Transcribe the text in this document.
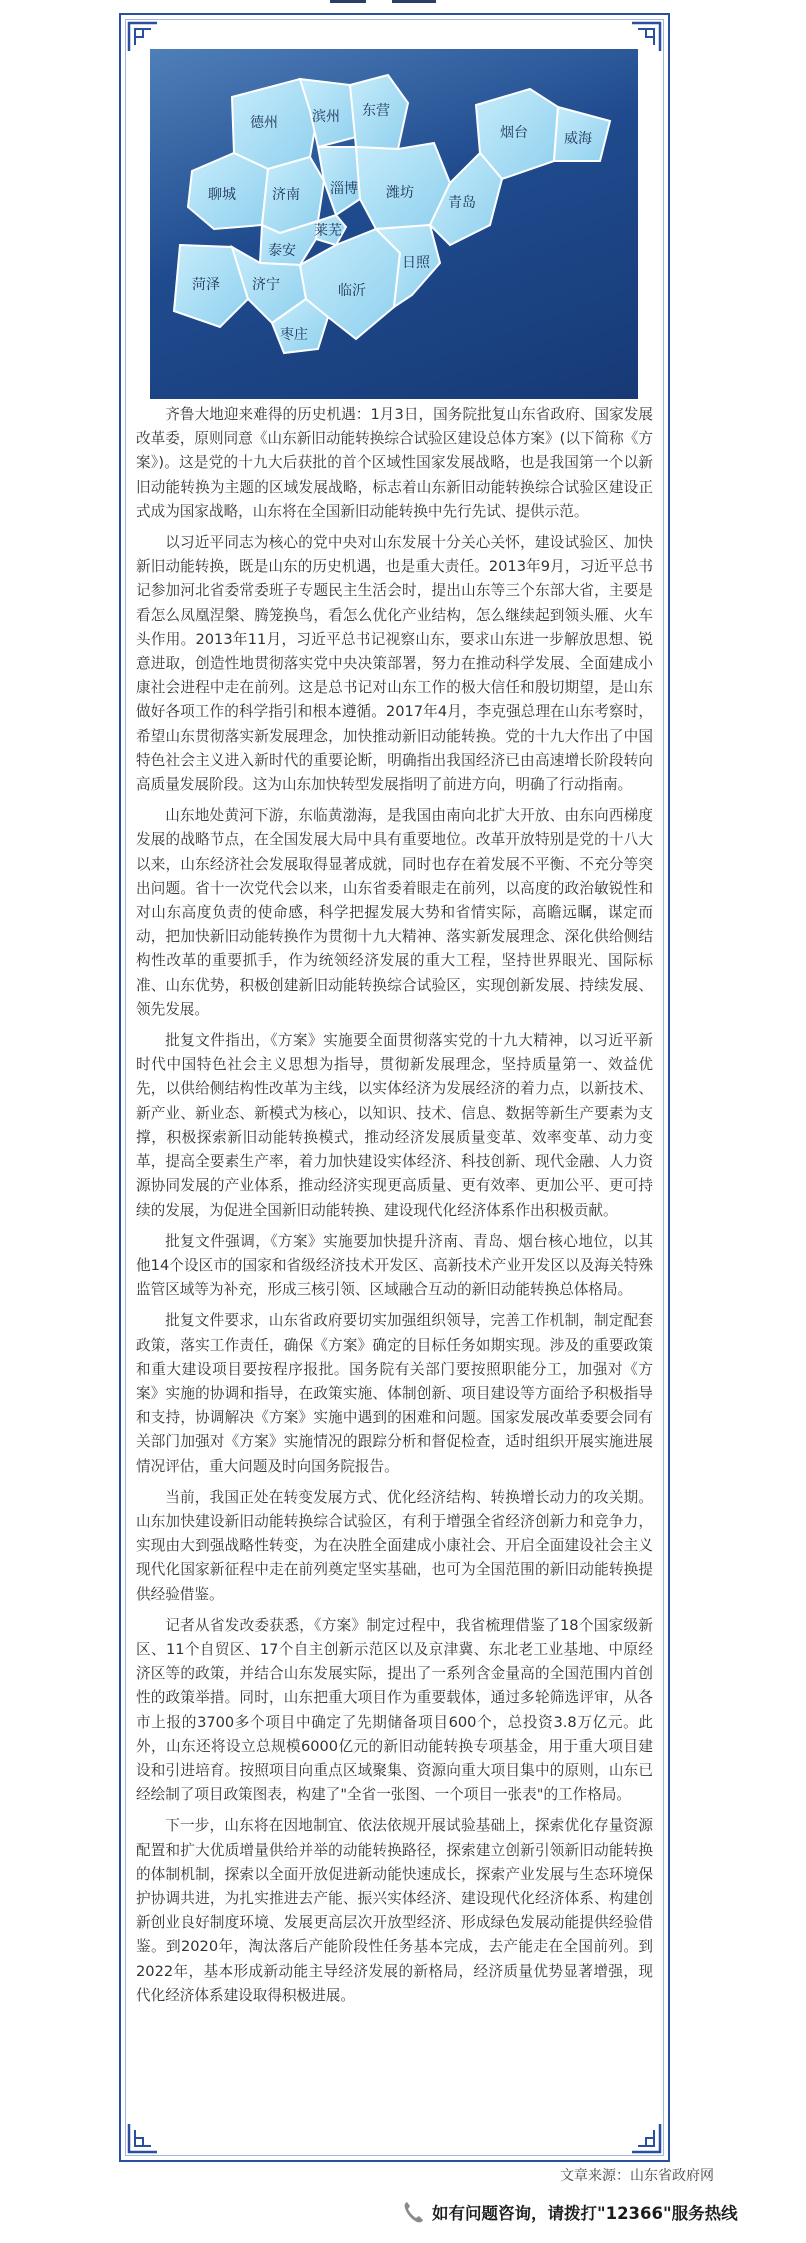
德州 滨州 东营
烟台	威海
聊城	济南 淄博 潍坊
青岛
莱芜
泰安
菏泽 济宁
枣庄
临沂
日照

齐鲁大地迎来难得的历史机遇：1月3日，国务院批复山东省政府、国家发展改革委，原则同意《山东新旧动能转换综合试验区建设总体方案》(以下简称《方案》)。这是党的十九大后获批的首个区域性国家发展战略，也是我国第一个以新旧动能转换为主题的区域发展战略，标志着山东新旧动能转换综合试验区建设正式成为国家战略，山东将在全国新旧动能转换中先行先试、提供示范。

以习近平同志为核心的党中央对山东发展十分关心关怀，建设试验区、加快新旧动能转换，既是山东的历史机遇，也是重大责任。2013年9月，习近平总书记参加河北省委常委班子专题民主生活会时，提出山东等三个东部大省，主要是看怎么凤凰涅槃、腾笼换鸟，看怎么优化产业结构，怎么继续起到领头雁、火车头作用。2013年11月，习近平总书记视察山东，要求山东进一步解放思想、锐意进取，创造性地贯彻落实党中央决策部署，努力在推动科学发展、全面建成小康社会进程中走在前列。这是总书记对山东工作的极大信任和殷切期望，是山东做好各项工作的科学指引和根本遵循。2017年4月，李克强总理在山东考察时，希望山东贯彻落实新发展理念，加快推动新旧动能转换。党的十九大作出了中国特色社会主义进入新时代的重要论断，明确指出我国经济已由高速增长阶段转向高质量发展阶段。这为山东加快转型发展指明了前进方向，明确了行动指南。

山东地处黄河下游，东临黄渤海，是我国由南向北扩大开放、由东向西梯度发展的战略节点，在全国发展大局中具有重要地位。改革开放特别是党的十八大以来，山东经济社会发展取得显著成就，同时也存在着发展不平衡、不充分等突出问题。省十一次党代会以来，山东省委着眼走在前列，以高度的政治敏锐性和对山东高度负责的使命感，科学把握发展大势和省情实际，高瞻远瞩，谋定而动，把加快新旧动能转换作为贯彻十九大精神、落实新发展理念、深化供给侧结构性改革的重要抓手，作为统领经济发展的重大工程，坚持世界眼光、国际标准、山东优势，积极创建新旧动能转换综合试验区，实现创新发展、持续发展、领先发展。

批复文件指出，《方案》实施要全面贯彻落实党的十九大精神，以习近平新时代中国特色社会主义思想为指导，贯彻新发展理念，坚持质量第一、效益优先，以供给侧结构性改革为主线，以实体经济为发展经济的着力点，以新技术、新产业、新业态、新模式为核心，以知识、技术、信息、数据等新生产要素为支撑，积极探索新旧动能转换模式，推动经济发展质量变革、效率变革、动力变革，提高全要素生产率，着力加快建设实体经济、科技创新、现代金融、人力资源协同发展的产业体系，推动经济实现更高质量、更有效率、更加公平、更可持续的发展，为促进全国新旧动能转换、建设现代化经济体系作出积极贡献。

批复文件强调，《方案》实施要加快提升济南、青岛、烟台核心地位，以其他14个设区市的国家和省级经济技术开发区、高新技术产业开发区以及海关特殊监管区域等为补充，形成三核引领、区域融合互动的新旧动能转换总体格局。

批复文件要求，山东省政府要切实加强组织领导，完善工作机制，制定配套政策，落实工作责任，确保《方案》确定的目标任务如期实现。涉及的重要政策和重大建设项目要按程序报批。国务院有关部门要按照职能分工，加强对《方案》实施的协调和指导，在政策实施、体制创新、项目建设等方面给予积极指导和支持，协调解决《方案》实施中遇到的困难和问题。国家发展改革委要会同有关部门加强对《方案》实施情况的跟踪分析和督促检查，适时组织开展实施进展情况评估，重大问题及时向国务院报告。

当前，我国正处在转变发展方式、优化经济结构、转换增长动力的攻关期。山东加快建设新旧动能转换综合试验区，有利于增强全省经济创新力和竞争力，实现由大到强战略性转变，为在决胜全面建成小康社会、开启全面建设社会主义现代化国家新征程中走在前列奠定坚实基础，也可为全国范围的新旧动能转换提供经验借鉴。

记者从省发改委获悉，《方案》制定过程中，我省梳理借鉴了18个国家级新区、11个自贸区、17个自主创新示范区以及京津冀、东北老工业基地、中原经济区等的政策，并结合山东发展实际，提出了一系列含金量高的全国范围内首创性的政策举措。同时，山东把重大项目作为重要载体，通过多轮筛选评审，从各市上报的3700多个项目中确定了先期储备项目600个，总投资3.8万亿元。此外，山东还将设立总规模6000亿元的新旧动能转换专项基金，用于重大项目建设和引进培育。按照项目向重点区域聚集、资源向重大项目集中的原则，山东已经绘制了项目政策图表，构建了"全省一张图、一个项目一张表"的工作格局。

下一步，山东将在因地制宜、依法依规开展试验基础上，探索优化存量资源配置和扩大优质增量供给并举的动能转换路径，探索建立创新引领新旧动能转换的体制机制，探索以全面开放促进新动能快速成长，探索产业发展与生态环境保护协调共进，为扎实推进去产能、振兴实体经济、建设现代化经济体系、构建创新创业良好制度环境、发展更高层次开放型经济、形成绿色发展动能提供经验借鉴。到2020年，淘汰落后产能阶段性任务基本完成，去产能走在全国前列。到2022年，基本形成新动能主导经济发展的新格局，经济质量优势显著增强，现代化经济体系建设取得积极进展。

文章来源：山东省政府网
如有问题咨询，请拨打"12366"服务热线
